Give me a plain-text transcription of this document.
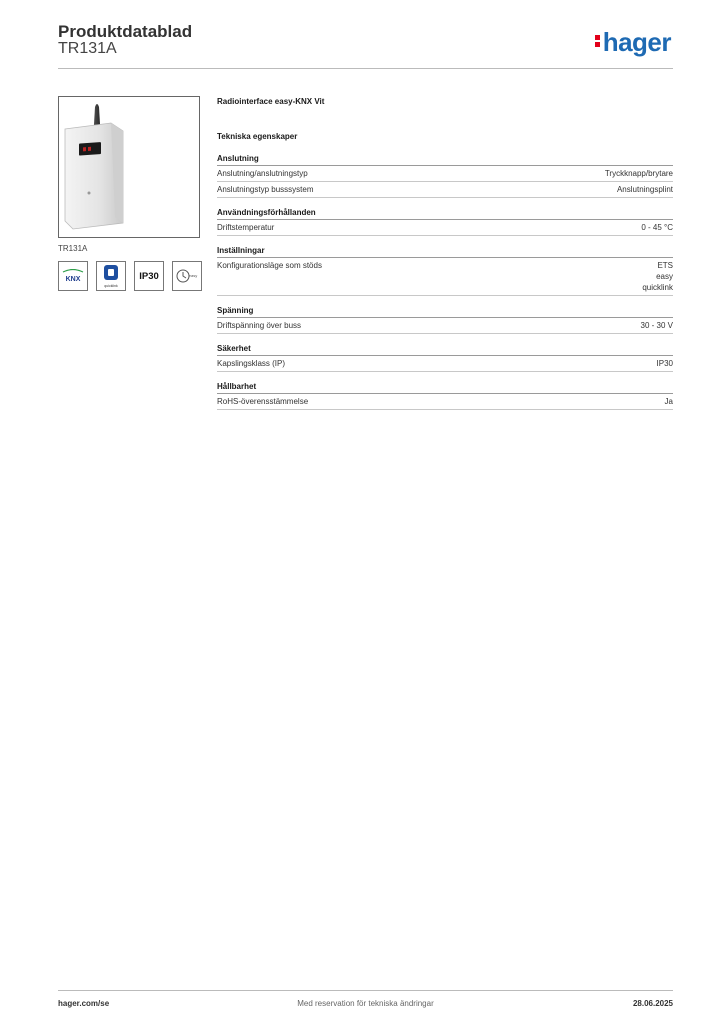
Produktdatablad
TR131A	hager
TR131A
KNX
quicklink
IP30	easy
Radiointerface easy-KNX Vit
Tekniska egenskaper
Anslutning
Anslutning/anslutningstyp	Tryckknapp/brytare
Anslutningstyp busssystem	Anslutningsplint
Användningsförhållanden
Driftstemperatur	0 - 45 °C
Inställningar
Konfigurationsläge som stöds	ETS
easy
quicklink
Spänning
Driftspänning över buss	30 - 30 V
Säkerhet
Kapslingsklass (IP)	IP30
Hållbarhet
RoHS-överensstämmelse	Ja
hager.com/se	Med reservation för tekniska ändringar	28.06.2025
